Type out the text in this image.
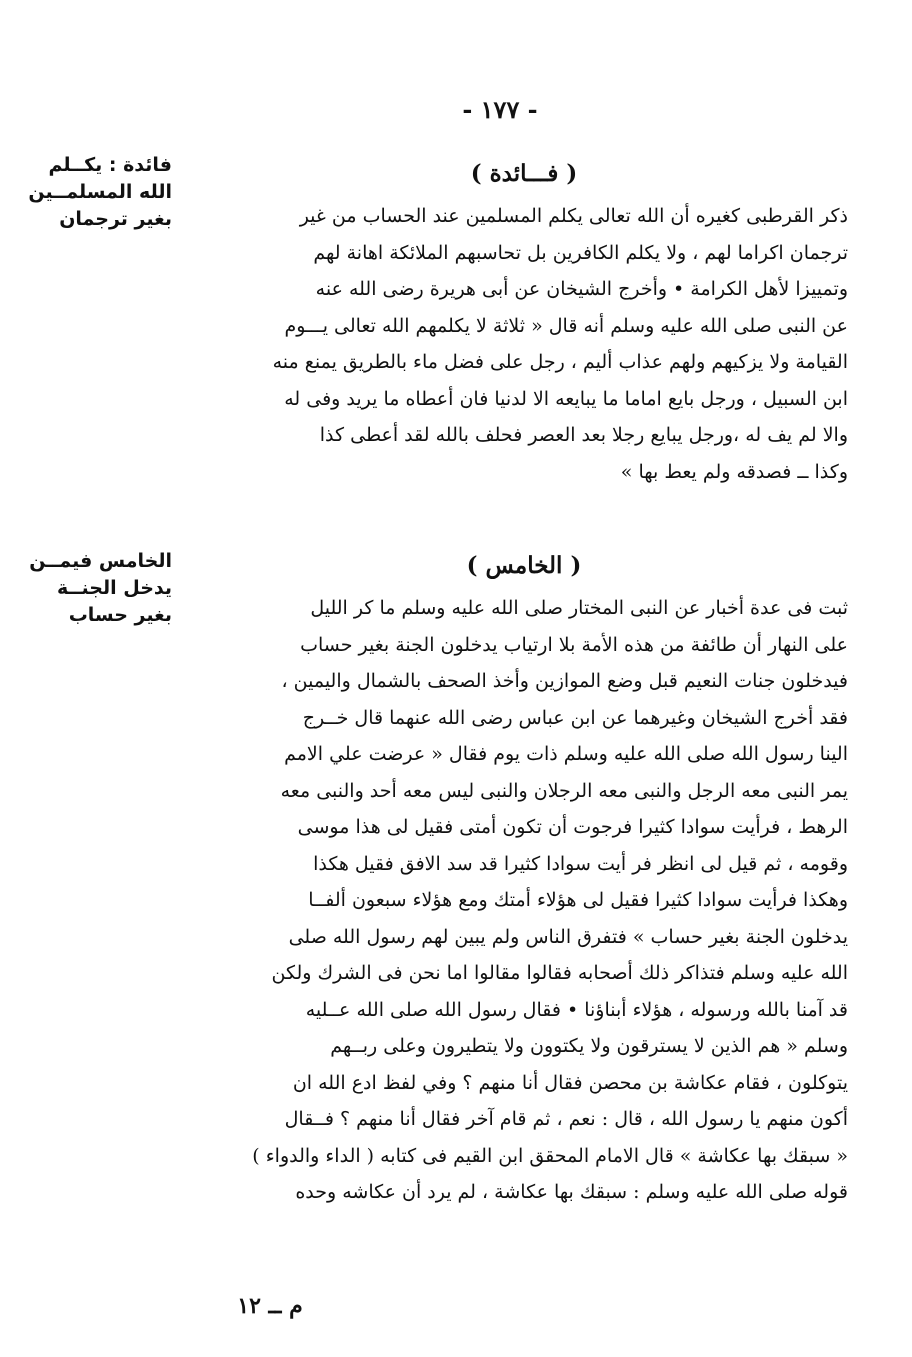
- ١٧٧ -
فائدة : يكــلم
الله المسلمــين
بغير ترجمان
( فـــائدة )
ذكر القرطبى كغيره أن الله تعالى يكلم المسلمين عند الحساب من غير
ترجمان اكراما لهم ، ولا يكلم الكافرين بل تحاسبهم الملائكة اهانة لهم
وتمييزا لأهل الكرامة • وأخرج الشيخان عن أبى هريرة رضى الله عنه
عن النبى صلى الله عليه وسلم أنه قال « ثلاثة لا يكلمهم الله تعالى يـــوم
القيامة ولا يزكيهم ولهم عذاب أليم ، رجل على فضل ماء بالطريق يمنع منه
ابن السبيل ، ورجل بايع اماما ما يبايعه الا لدنيا فان أعطاه ما يريد وفى له
والا لم يف له ،ورجل يبايع رجلا بعد العصر فحلف بالله لقد أعطى كذا
وكذا ــ فصدقه ولم يعط بها »
الخامس فيمــن
يدخل الجنــة
بغير حساب
( الخامس )
ثبت فى عدة أخبار عن النبى المختار صلى الله عليه وسلم ما كر الليل
على النهار أن طائفة من هذه الأمة بلا ارتياب يدخلون الجنة بغير حساب
فيدخلون جنات النعيم قبل وضع الموازين وأخذ الصحف بالشمال واليمين ،
فقد أخرج الشيخان وغيرهما عن ابن عباس رضى الله عنهما قال خــرج
الينا رسول الله صلى الله عليه وسلم ذات يوم فقال « عرضت علي الامم
يمر النبى معه الرجل والنبى معه الرجلان والنبى ليس معه أحد والنبى معه
الرهط ، فرأيت سوادا كثيرا فرجوت أن تكون أمتى فقيل لى هذا موسى
وقومه ، ثم قيل لى انظر فر أيت سوادا كثيرا قد سد الافق فقيل هكذا
وهكذا فرأيت سوادا كثيرا فقيل لى هؤلاء أمتك ومع هؤلاء سبعون ألفــا
يدخلون الجنة بغير حساب » فتفرق الناس ولم يبين لهم رسول الله صلى
الله عليه وسلم فتذاكر ذلك أصحابه فقالوا مقالوا اما نحن فى الشرك ولكن
قد آمنا بالله ورسوله ، هؤلاء أبناؤنا • فقال رسول الله صلى الله عــليه
وسلم « هم الذين لا يسترقون ولا يكتوون ولا يتطيرون وعلى ربــهم
يتوكلون ، فقام عكاشة بن محصن فقال أنا منهم ؟ وفي لفظ ادع الله ان
أكون منهم يا رسول الله ، قال : نعم ، ثم قام آخر فقال أنا منهم ؟ فــقال
« سبقك بها عكاشة » قال الامام المحقق ابن القيم فى كتابه ( الداء والدواء )
قوله صلى الله عليه وسلم : سبقك بها عكاشة ، لم يرد أن عكاشه وحده
م ــ ١٢
